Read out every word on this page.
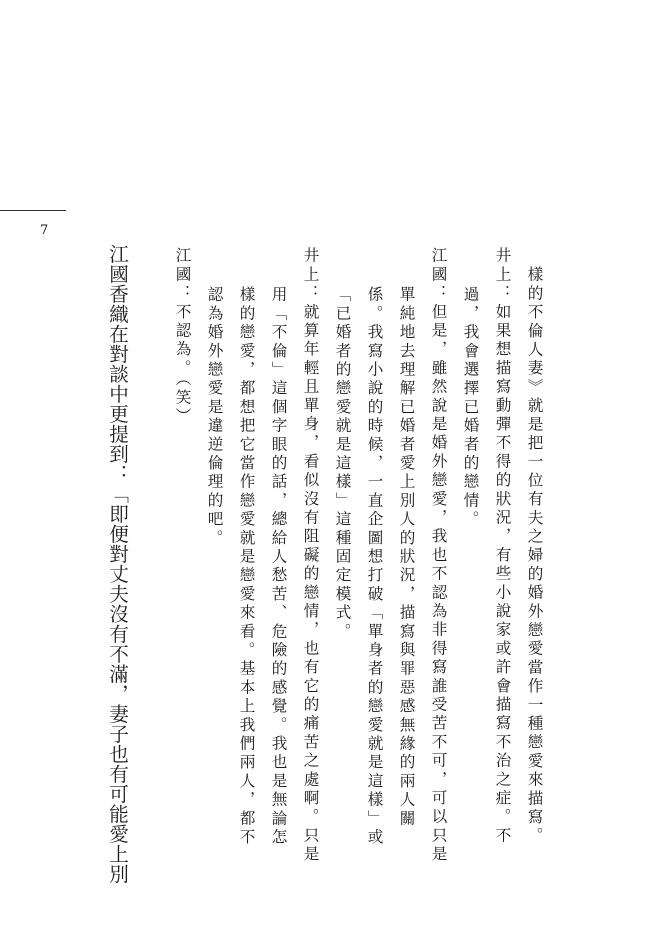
7
樣的不倫人妻》就是把一位有夫之婦的婚外戀愛當作一種戀愛來描寫。
井上：如果想描寫動彈不得的狀況，有些小說家或許會描寫不治之症。不
過，我會選擇已婚者的戀情。
江國：但是，雖然說是婚外戀愛，我也不認為非得寫誰受苦不可，可以只是
單純地去理解已婚者愛上別人的狀況，描寫與罪惡感無緣的兩人關
係。我寫小說的時候，一直企圖想打破「單身者的戀愛就是這樣」或
「已婚者的戀愛就是這樣」這種固定模式。
井上：就算年輕且單身，看似沒有阻礙的戀情，也有它的痛苦之處啊。只是
用「不倫」這個字眼的話，總給人愁苦、危險的感覺。我也是無論怎
樣的戀愛，都想把它當作戀愛就是戀愛來看。基本上我們兩人，都不
認為婚外戀愛是違逆倫理的吧。
江國：不認為。（笑）
江國香織在對談中更提到：「即便對丈夫沒有不滿，妻子也有可能愛上別
